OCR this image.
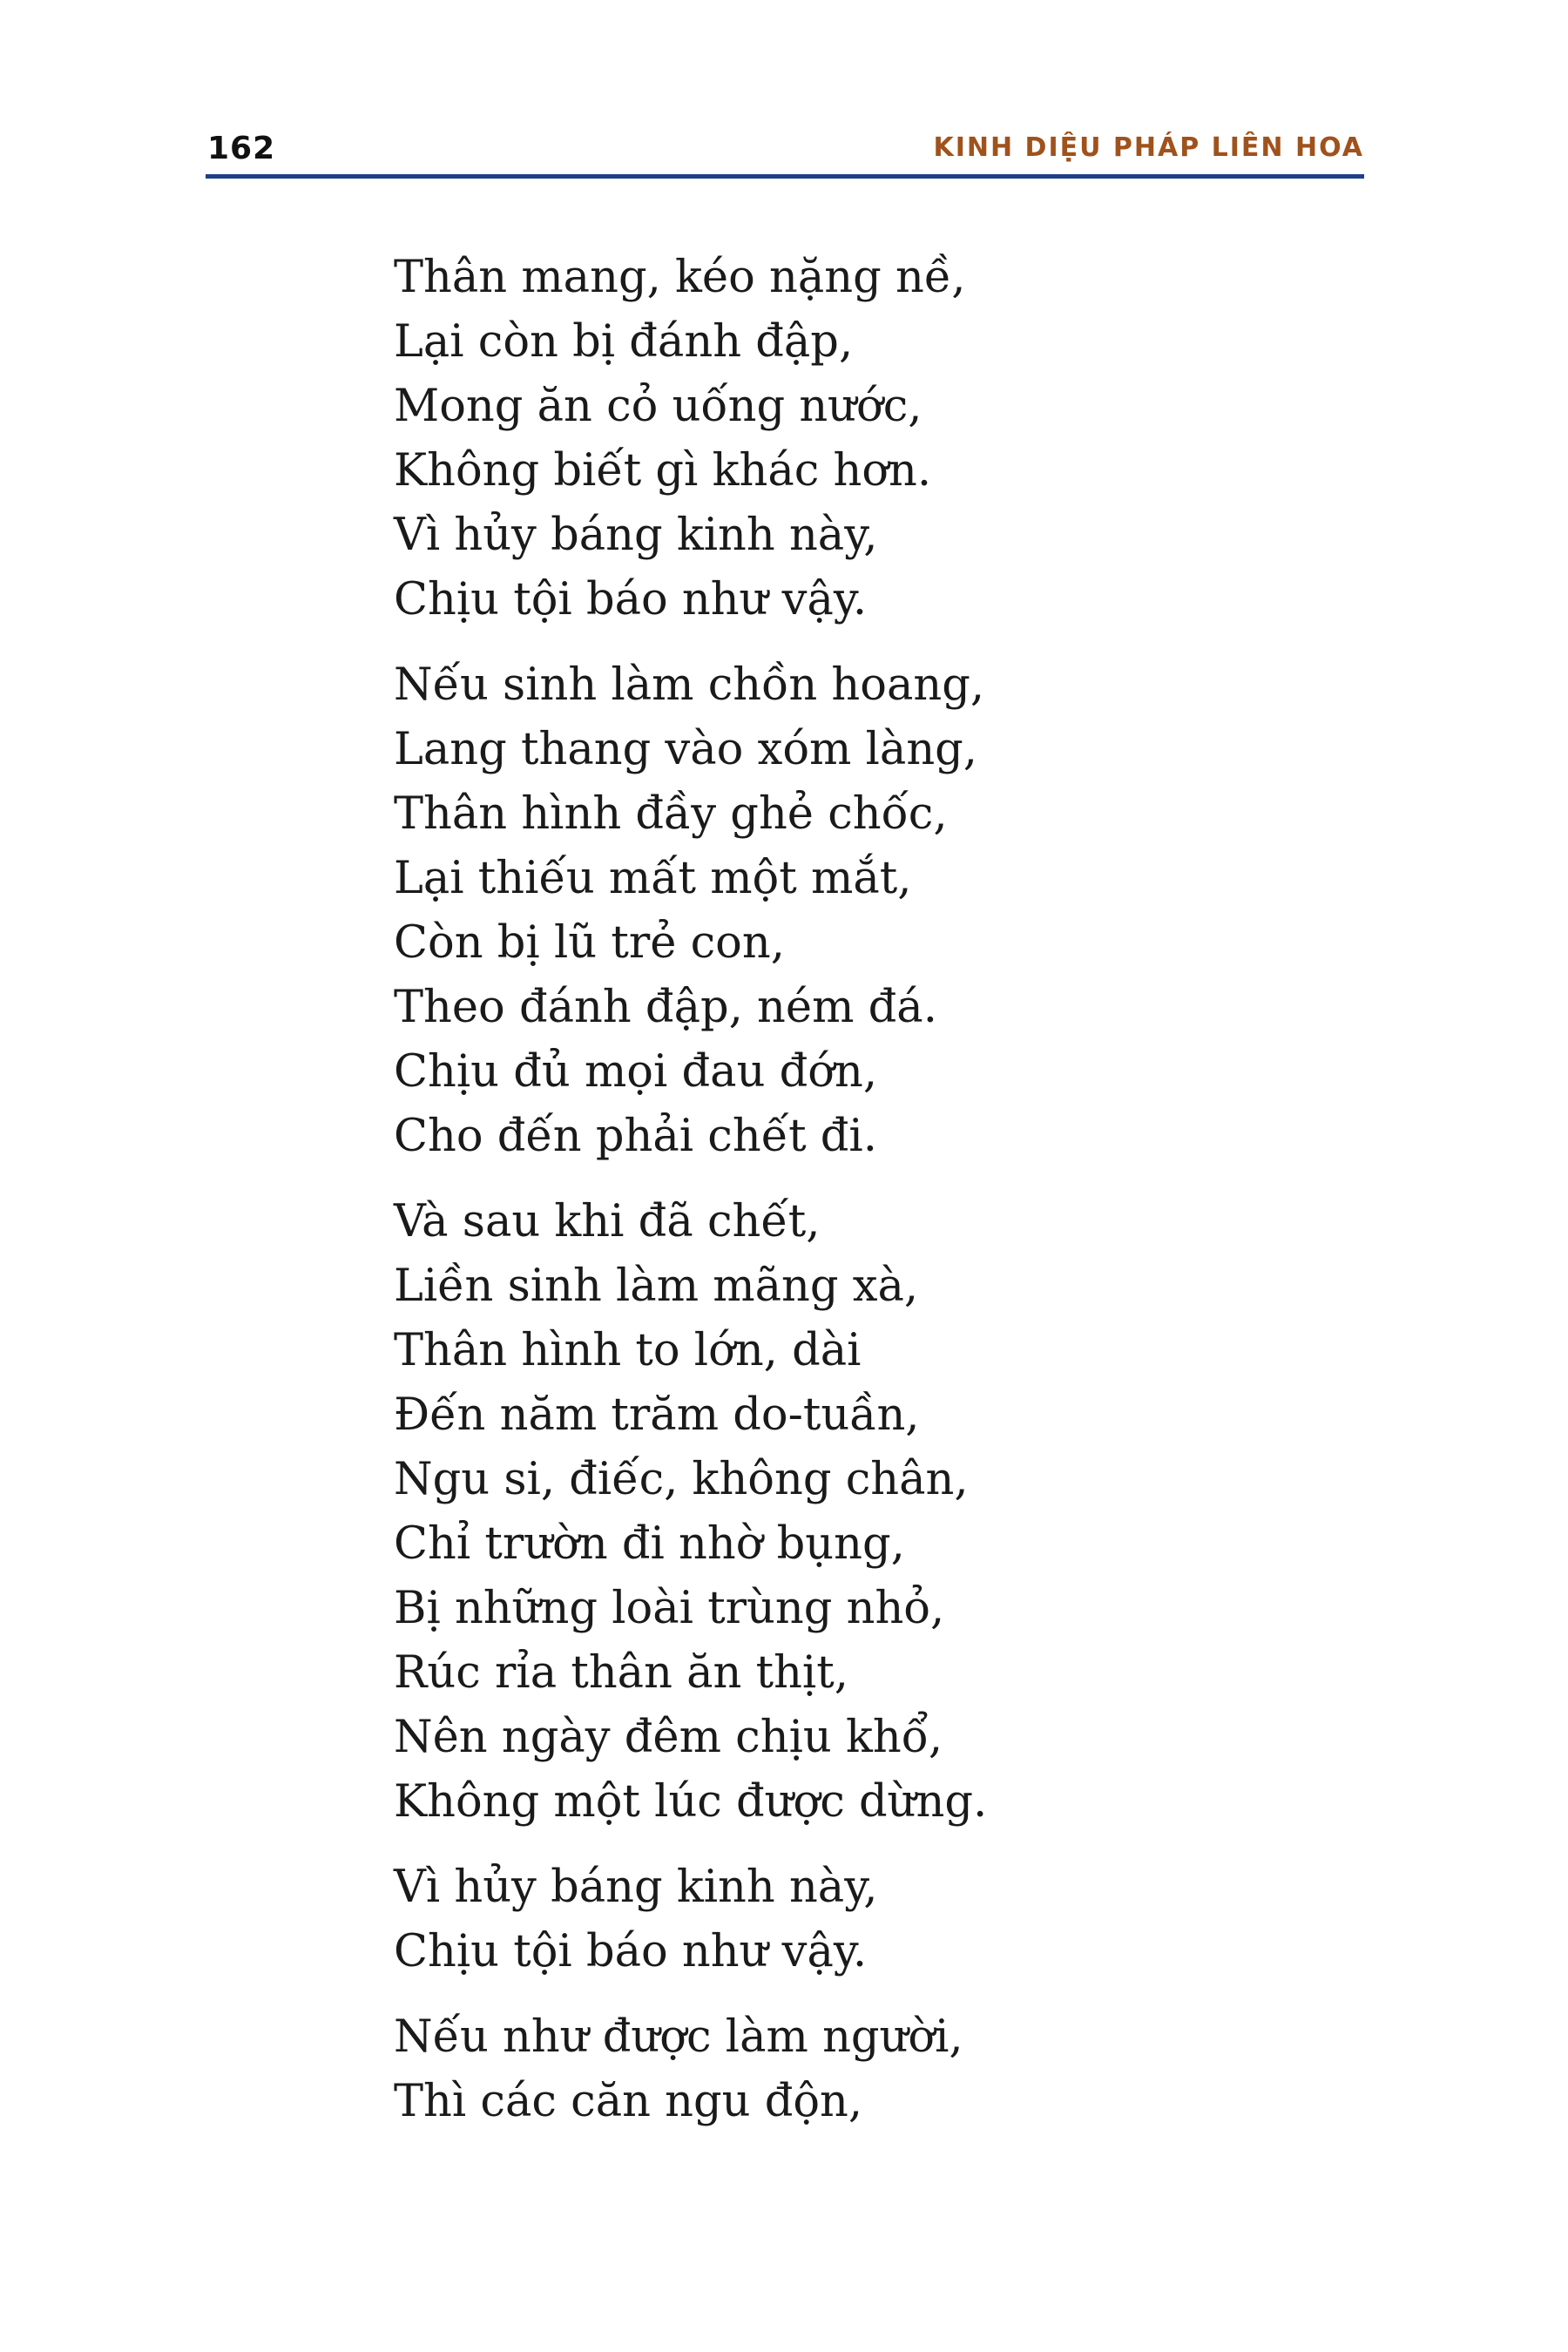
162	KINH DIỆU PHÁP LIÊN HOA
Thân mang, kéo nặng nề,
Lại còn bị đánh đập,
Mong ăn cỏ uống nước,
Không biết gì khác hơn.
Vì hủy báng kinh này,
Chịu tội báo như vậy.
Nếu sinh làm chồn hoang,
Lang thang vào xóm làng,
Thân hình đầy ghẻ chốc,
Lại thiếu mất một mắt,
Còn bị lũ trẻ con,
Theo đánh đập, ném đá.
Chịu đủ mọi đau đớn,
Cho đến phải chết đi.
Và sau khi đã chết,
Liền sinh làm mãng xà,
Thân hình to lớn, dài
Đến năm trăm do-tuần,
Ngu si, điếc, không chân,
Chỉ trườn đi nhờ bụng,
Bị những loài trùng nhỏ,
Rúc rỉa thân ăn thịt,
Nên ngày đêm chịu khổ,
Không một lúc được dừng.
Vì hủy báng kinh này,
Chịu tội báo như vậy.
Nếu như được làm người,
Thì các căn ngu độn,
